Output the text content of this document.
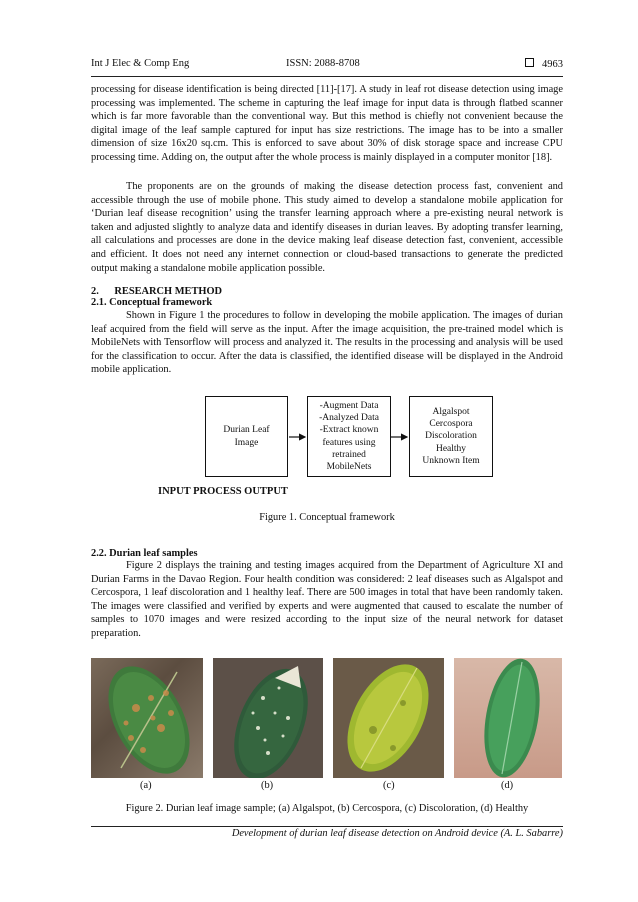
Int J Elec & Comp Eng	ISSN: 2088-8708	4963

processing for disease identification is being directed [11]-[17]. A study in leaf rot disease detection using image processing was implemented. The scheme in capturing the leaf image for input data is through flatbed scanner which is far more favorable than the conventional way. But this method is chiefly not convenient because the digital image of the leaf sample captured for input has size restrictions. The image has to be into a smaller dimension of size 16x20 sq.cm. This is enforced to save about 30% of disk storage space and increase CPU processing time. Adding on, the output after the whole process is mainly displayed in a computer monitor [18].

The proponents are on the grounds of making the disease detection process fast, convenient and accessible through the use of mobile phone. This study aimed to develop a standalone mobile application for ‘Durian leaf disease recognition’ using the transfer learning approach where a pre-existing neural network is taken and adjusted slightly to analyze data and identify diseases in durian leaves. By adopting transfer learning, all calculations and processes are done in the device making leaf disease detection fast, convenient, accessible and efficient. It does not need any internet connection or cloud-based transactions to generate the predicted output making a standalone mobile application possible.

2.      RESEARCH METHOD

2.1. Conceptual framework

Shown in Figure 1 the procedures to follow in developing the mobile application. The images of durian leaf acquired from the field will serve as the input. After the image acquisition, the pre-trained model which is MobileNets with Tensorflow will process and analyzed it. The results in the processing and analysis will be used for the classification to occur. After the data is classified, the identified disease will be displayed in the Android mobile application.

Durian Leaf
Image
-Augment Data
-Analyzed Data
-Extract known
features using
retrained
MobileNets
Algalspot
Cercospora
Discoloration
Healthy
Unknown Item
INPUT PROCESS OUTPUT
Figure 1. Conceptual framework

2.2. Durian leaf samples

Figure 2 displays the training and testing images acquired from the Department of Agriculture XI and Durian Farms in the Davao Region. Four health condition was considered: 2 leaf diseases such as Algalspot and Cercospora, 1 leaf discoloration and 1 healthy leaf. There are 500 images in total that have been randomly taken. The images were classified and verified by experts and were augmented that caused to escalate the number of samples to 1070 images and were resized according to the input size of the neural network for dataset preparation.

(a)	(b)	(c)	(d)
Figure 2. Durian leaf image sample; (a) Algalspot, (b) Cercospora, (c) Discoloration, (d) Healthy
Development of durian leaf disease detection on Android device (A. L. Sabarre)
